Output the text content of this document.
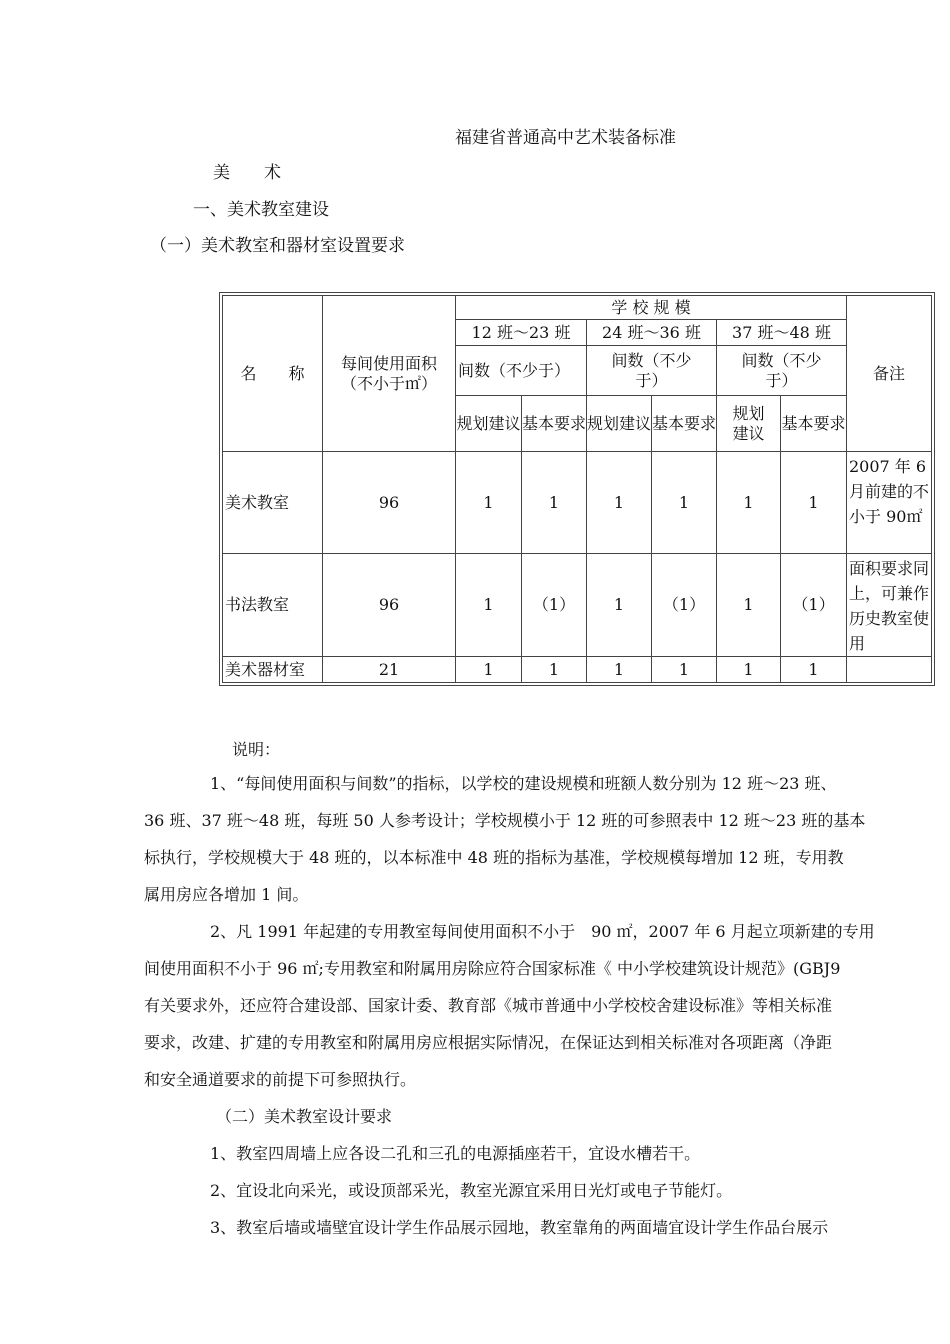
福建省普通高中艺术装备标准
美　　术
一、美术教室建设
（一）美术教室和器材室设置要求
名　　称	每间使用面积（不小于㎡）	学 校 规 模						备注
		12 班～23 班		24 班～36 班		37 班～48 班		
		间数（不少于）		间数（不少于）		间数（不少于）		
		规划建议	基本要求	规划建议	基本要求	规划建议	基本要求	
美术教室	96	1	1	1	1	1	1	2007 年 6 月前建的不小于 90㎡
书法教室	96	1	（1）	1	（1）	1	（1）	面积要求同上，可兼作历史教室使用
美术器材室	21	1	1	1	1	1	1	
说明：
1、“每间使用面积与间数”的指标，以学校的建设规模和班额人数分别为 12 班～23 班、
36 班、37 班～48 班，每班 50 人参考设计；学校规模小于 12 班的可参照表中 12 班～23 班的基本
标执行，学校规模大于 48 班的，以本标准中 48 班的指标为基准，学校规模每增加 12 班，专用教
属用房应各增加 1 间。
2、凡 1991 年起建的专用教室每间使用面积不小于　90 ㎡，2007 年 6 月起立项新建的专用
间使用面积不小于 96 ㎡;专用教室和附属用房除应符合国家标准《 中小学校建筑设计规范》(GBJ9
有关要求外，还应符合建设部、国家计委、教育部《城市普通中小学校校舍建设标准》等相关标准
要求，改建、扩建的专用教室和附属用房应根据实际情况，在保证达到相关标准对各项距离（净距
和安全通道要求的前提下可参照执行。
（二）美术教室设计要求
1、教室四周墙上应各设二孔和三孔的电源插座若干，宜设水槽若干。
2、宜设北向采光，或设顶部采光，教室光源宜采用日光灯或电子节能灯。
3、教室后墙或墙壁宜设计学生作品展示园地，教室靠角的两面墙宜设计学生作品台展示
